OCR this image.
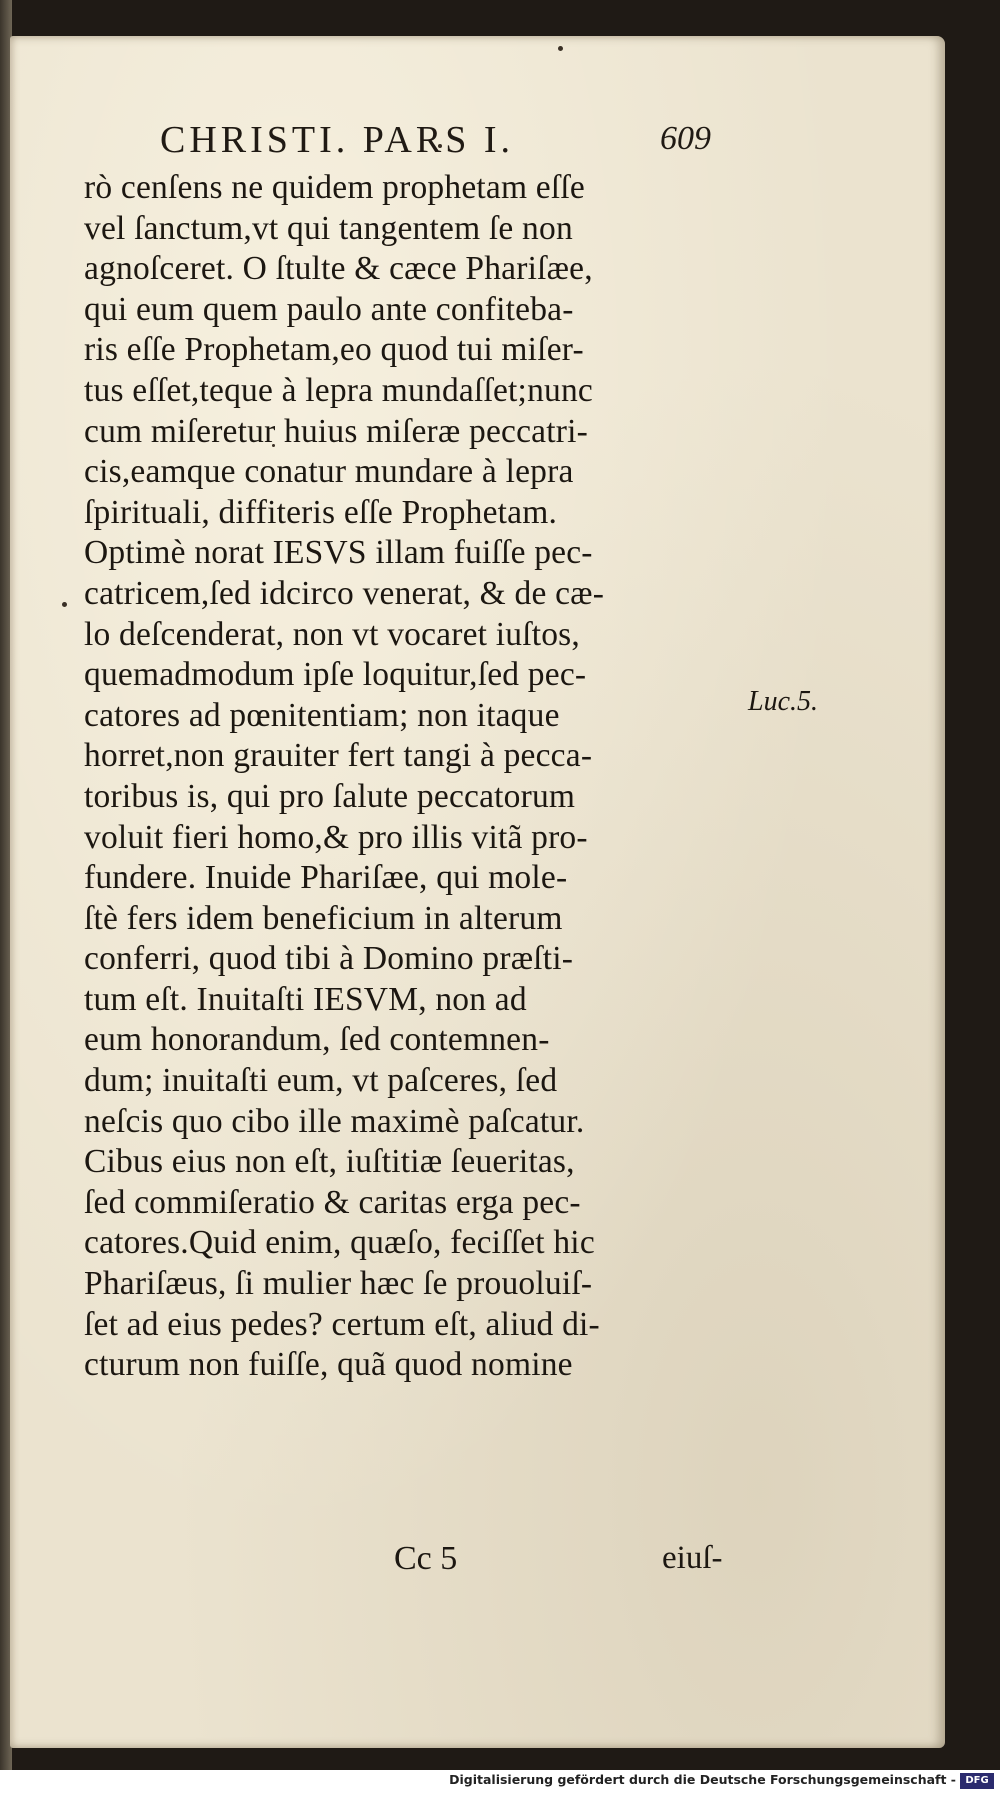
CHRISTI. PARS I.	609
rò cenſens ne quidem prophetam eſſe
vel ſanctum,vt qui tangentem ſe non
agnoſceret. O ſtulte & cæce Phariſæe,
qui eum quem paulo ante confiteba-
ris eſſe Prophetam,eo quod tui miſer-
tus eſſet,teque à lepra mundaſſet;nunc
cum miſeretur huius miſeræ peccatri-
cis,eamque conatur mundare à lepra
ſpirituali, diffiteris eſſe Prophetam.
Optimè norat IESVS illam fuiſſe pec-
catricem,ſed idcirco venerat, & de cæ-
lo deſcenderat, non vt vocaret iuſtos,
quemadmodum ipſe loquitur,ſed pec-
catores ad pœnitentiam; non itaque
horret,non grauiter fert tangi à pecca-
toribus is, qui pro ſalute peccatorum
voluit fieri homo,& pro illis vitã pro-
fundere. Inuide Phariſæe, qui mole-
ſtè fers idem beneficium in alterum
conferri, quod tibi à Domino præſti-
tum eſt. Inuitaſti IESVM, non ad
eum honorandum, ſed contemnen-
dum; inuitaſti eum, vt paſceres, ſed
neſcis quo cibo ille maximè paſcatur.
Cibus eius non eſt, iuſtitiæ ſeueritas,
ſed commiſeratio & caritas erga pec-
catores.Quid enim, quæſo, feciſſet hic
Phariſæus, ſi mulier hæc ſe prouoluiſ-
ſet ad eius pedes? certum eſt, aliud di-
cturum non fuiſſe, quã quod nomine
Luc.5.
Cc 5	eiuſ-
Digitalisierung gefördert durch die Deutsche Forschungsgemeinschaft - DFG
